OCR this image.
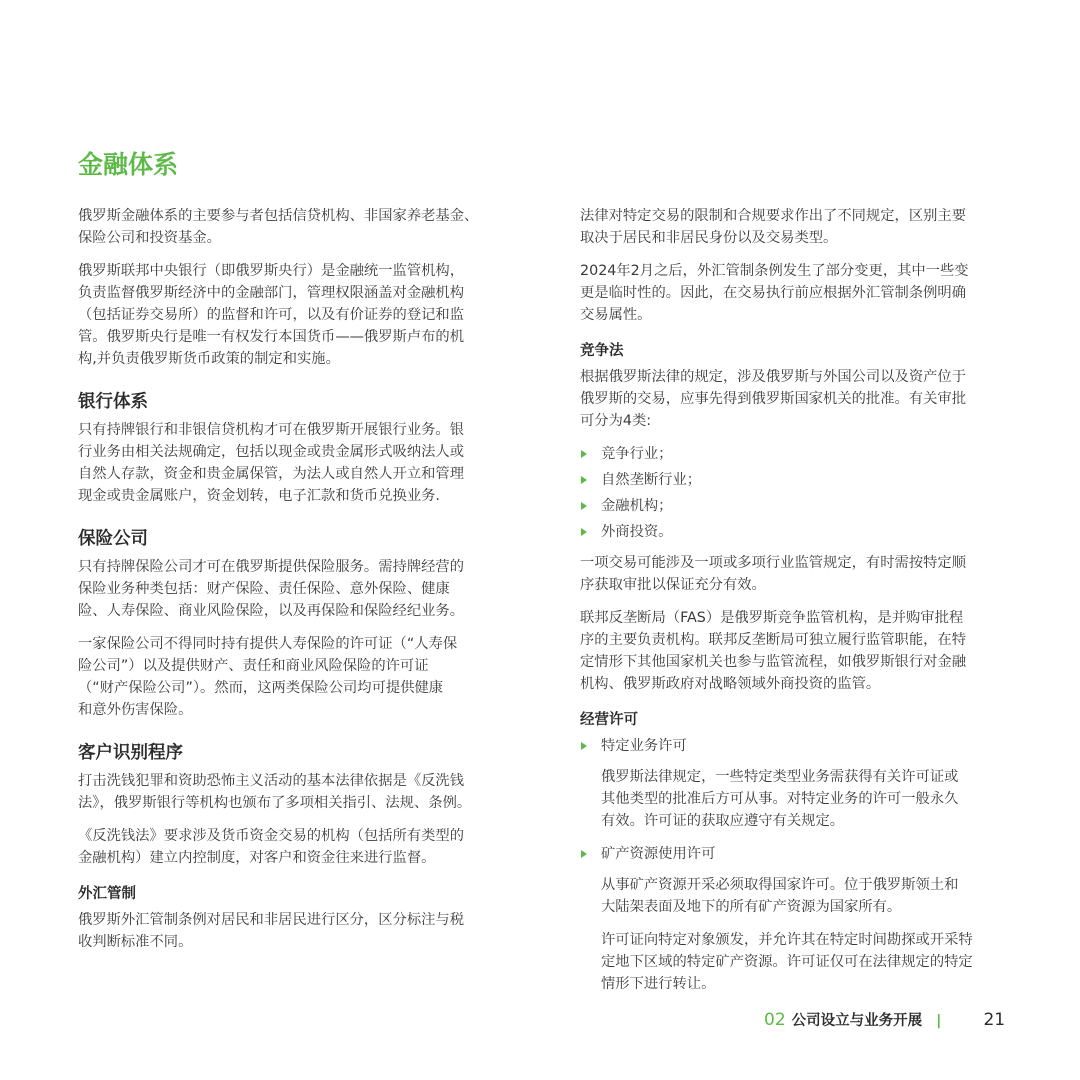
金融体系

俄罗斯金融体系的主要参与者包括信贷机构、非国家养老基金、
保险公司和投资基金。

俄罗斯联邦中央银行（即俄罗斯央行）是金融统一监管机构，
负责监督俄罗斯经济中的金融部门，管理权限涵盖对金融机构
（包括证券交易所）的监督和许可，以及有价证券的登记和监
管。俄罗斯央行是唯一有权发行本国货币——俄罗斯卢布的机
构,并负责俄罗斯货币政策的制定和实施。

银行体系

只有持牌银行和非银信贷机构才可在俄罗斯开展银行业务。银
行业务由相关法规确定，包括以现金或贵金属形式吸纳法人或
自然人存款，资金和贵金属保管，为法人或自然人开立和管理
现金或贵金属账户，资金划转，电子汇款和货币兑换业务.

保险公司

只有持牌保险公司才可在俄罗斯提供保险服务。需持牌经营的
保险业务种类包括：财产保险、责任保险、意外保险、健康
险、人寿保险、商业风险保险，以及再保险和保险经纪业务。

一家保险公司不得同时持有提供人寿保险的许可证（“人寿保
险公司”）以及提供财产、责任和商业风险保险的许可证
（“财产保险公司”）。然而，这两类保险公司均可提供健康
和意外伤害保险。

客户识别程序

打击洗钱犯罪和资助恐怖主义活动的基本法律依据是《反洗钱
法》，俄罗斯银行等机构也颁布了多项相关指引、法规、条例。

《反洗钱法》要求涉及货币资金交易的机构（包括所有类型的
金融机构）建立内控制度，对客户和资金往来进行监督。

外汇管制

俄罗斯外汇管制条例对居民和非居民进行区分，区分标注与税
收判断标准不同。

法律对特定交易的限制和合规要求作出了不同规定，区别主要
取决于居民和非居民身份以及交易类型。

2024年2月之后，外汇管制条例发生了部分变更，其中一些变
更是临时性的。因此，在交易执行前应根据外汇管制条例明确
交易属性。

竞争法

根据俄罗斯法律的规定，涉及俄罗斯与外国公司以及资产位于
俄罗斯的交易，应事先得到俄罗斯国家机关的批准。有关审批
可分为4类:

竞争行业；
自然垄断行业；
金融机构；
外商投资。

一项交易可能涉及一项或多项行业监管规定，有时需按特定顺
序获取审批以保证充分有效。

联邦反垄断局（FAS）是俄罗斯竞争监管机构，是并购审批程
序的主要负责机构。联邦反垄断局可独立履行监管职能，在特
定情形下其他国家机关也参与监管流程，如俄罗斯银行对金融
机构、俄罗斯政府对战略领域外商投资的监管。

经营许可
特定业务许可

俄罗斯法律规定，一些特定类型业务需获得有关许可证或
其他类型的批准后方可从事。对特定业务的许可一般永久
有效。许可证的获取应遵守有关规定。

矿产资源使用许可

从事矿产资源开采必须取得国家许可。位于俄罗斯领土和
大陆架表面及地下的所有矿产资源为国家所有。

许可证向特定对象颁发，并允许其在特定时间勘探或开采特
定地下区域的特定矿产资源。许可证仅可在法律规定的特定
情形下进行转让。

02 公司设立与业务开展 | 21
